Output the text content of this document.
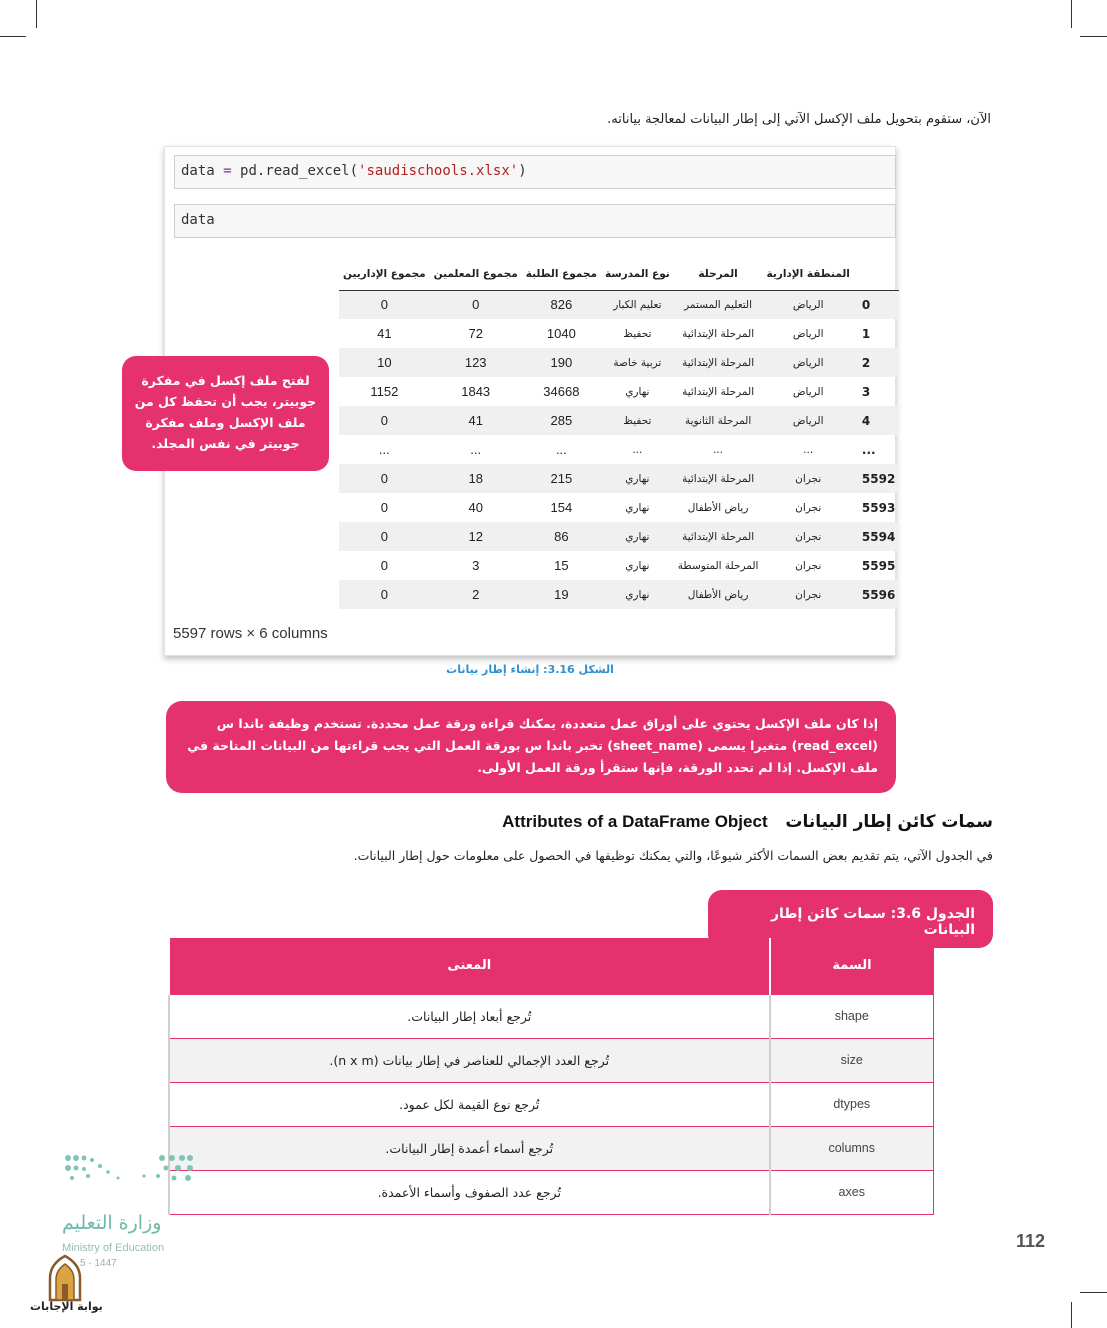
الآن، ستقوم بتحويل ملف الإكسل الآتي إلى إطار البيانات لمعالجة بياناته.
data = pd.read_excel('saudischools.xlsx')
data
	المنطقة الإدارية	المرحلة	نوع المدرسة	مجموع الطلبة	مجموع المعلمين	مجموع الإداريين
0	الرياض	التعليم المستمر	تعليم الكبار	826	0	0
1	الرياض	المرحلة الإبتدائية	تحفيظ	1040	72	41
2	الرياض	المرحلة الإبتدائية	تربية خاصة	190	123	10
3	الرياض	المرحلة الإبتدائية	نهاري	34668	1843	1152
4	الرياض	المرحلة الثانوية	تحفيظ	285	41	0
...	...	...	...	...	...	...
5592	نجران	المرحلة الإبتدائية	نهاري	215	18	0
5593	نجران	رياض الأطفال	نهاري	154	40	0
5594	نجران	المرحلة الإبتدائية	نهاري	86	12	0
5595	نجران	المرحلة المتوسطة	نهاري	15	3	0
5596	نجران	رياض الأطفال	نهاري	19	2	0
5597 rows × 6 columns
لفتح ملف إكسل في مفكرة جوبيتر، يجب أن تحفظ كل من ملف الإكسل وملف مفكرة جوبيتر في نفس المجلد.
الشكل 3.16: إنشاء إطار بيانات
إذا كان ملف الإكسل يحتوي على أوراق عمل متعددة، يمكنك قراءة ورقة عمل محددة. تستخدم وظيفة باندا س (read_excel) متغيرا يسمى (sheet_name) تخبر باندا س بورقة العمل التي يجب قراءتها من البيانات المتاحة في ملف الإكسل. إذا لم تحدد الورقة، فإنها ستقرأ ورقة العمل الأولى.
سمات كائن إطار البيانات   Attributes of a DataFrame Object
في الجدول الآتي، يتم تقديم بعض السمات الأكثر شيوعًا، والتي يمكنك توظيفها في الحصول على معلومات حول إطار البيانات.
الجدول 3.6: سمات كائن إطار البيانات
السمة	المعنى
shape	تُرجع أبعاد إطار البيانات.
size	تُرجع العدد الإجمالي للعناصر في إطار بيانات (n x m).
dtypes	تُرجع نوع القيمة لكل عمود.
columns	تُرجع أسماء أعمدة إطار البيانات.
axes	تُرجع عدد الصفوف وأسماء الأعمدة.
112
وزارة التعليم
Ministry of Education
5 - 1447
بوابة الإجابات
